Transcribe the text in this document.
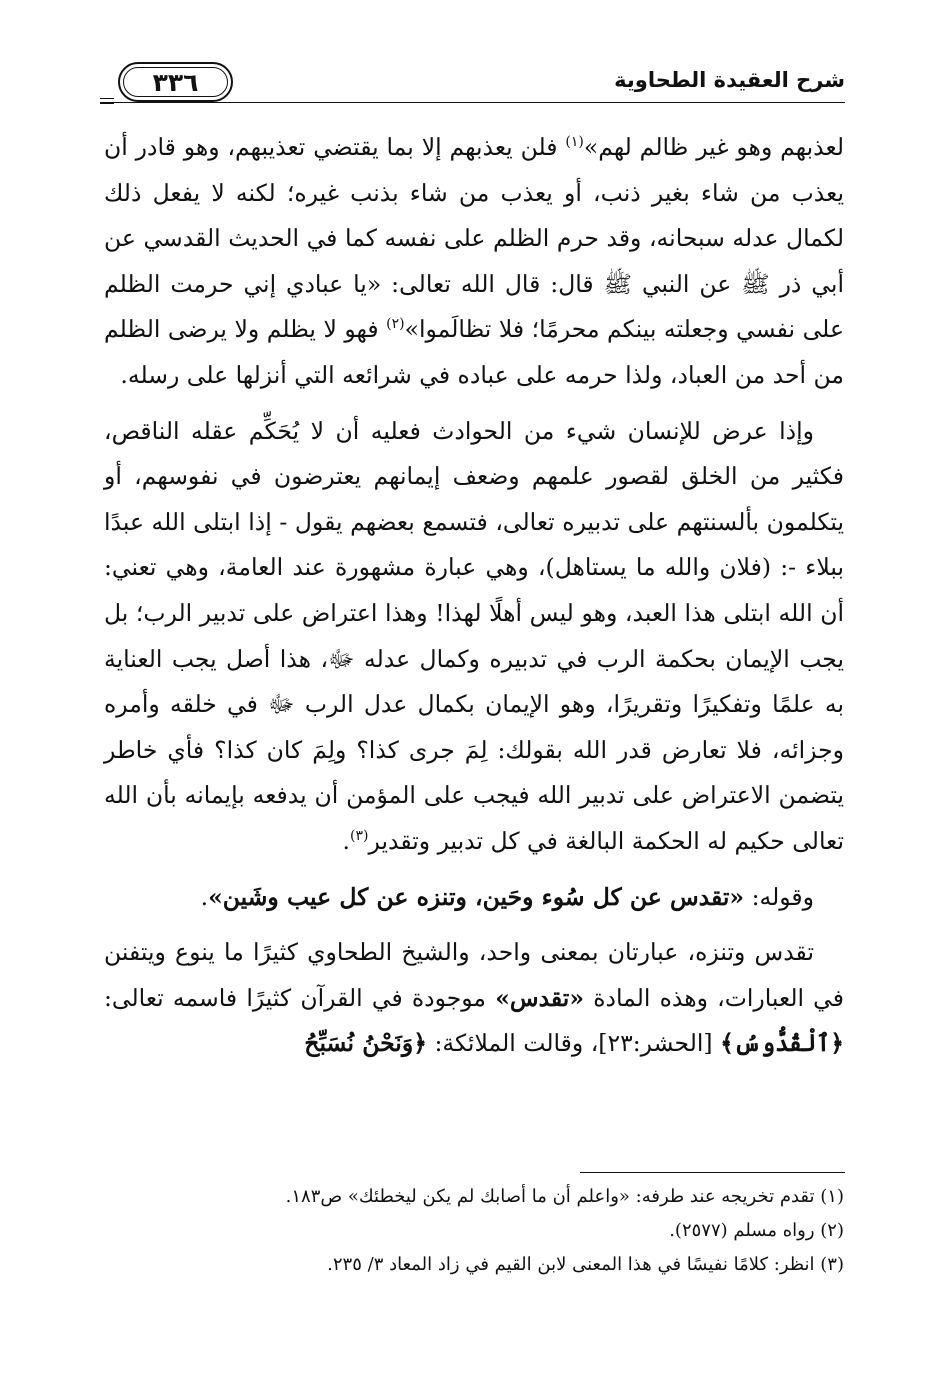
شرح العقيدة الطحاوية
٣٣٦

لعذبهم وهو غير ظالم لهم»$^{(١)}$ فلن يعذبهم إلا بما يقتضي تعذيبهم، وهو قادر أن يعذب من شاء بغير ذنب، أو يعذب من شاء بذنب غيره؛ لكنه لا يفعل ذلك لكمال عدله سبحانه، وقد حرم الظلم على نفسه كما في الحديث القدسي عن أبي ذر ﷺ عن النبي ﷺ قال: قال الله تعالى: «يا عبادي إني حرمت الظلم على نفسي وجعلته بينكم محرمًا؛ فلا تظالَموا»$^{(٢)}$ فهو لا يظلم ولا يرضى الظلم من أحد من العباد، ولذا حرمه على عباده في شرائعه التي أنزلها على رسله.

وإذا عرض للإنسان شيء من الحوادث فعليه أن لا يُحَكِّم عقله الناقص، فكثير من الخلق لقصور علمهم وضعف إيمانهم يعترضون في نفوسهم، أو يتكلمون بألسنتهم على تدبيره تعالى، فتسمع بعضهم يقول - إذا ابتلى الله عبدًا ببلاء -: (فلان والله ما يستاهل)، وهي عبارة مشهورة عند العامة، وهي تعني: أن الله ابتلى هذا العبد، وهو ليس أهلًا لهذا! وهذا اعتراض على تدبير الرب؛ بل يجب الإيمان بحكمة الرب في تدبيره وكمال عدله ﷻ، هذا أصل يجب العناية به علمًا وتفكيرًا وتقريرًا، وهو الإيمان بكمال عدل الرب ﷻ في خلقه وأمره وجزائه، فلا تعارض قدر الله بقولك: لِمَ جرى كذا؟ ولِمَ كان كذا؟ فأي خاطر يتضمن الاعتراض على تدبير الله فيجب على المؤمن أن يدفعه بإيمانه بأن الله تعالى حكيم له الحكمة البالغة في كل تدبير وتقدير$^{(٣)}$.

وقوله: «تقدس عن كل سُوء وحَين، وتنزه عن كل عيب وشَين».

تقدس وتنزه، عبارتان بمعنى واحد، والشيخ الطحاوي كثيرًا ما ينوع ويتفنن في العبارات، وهذه المادة «تقدس» موجودة في القرآن كثيرًا فاسمه تعالى: ﴿ٱلْقُدُّوسُ﴾ [الحشر:٢٣]، وقالت الملائكة: ﴿وَنَحْنُ نُسَبِّحُ

(١) تقدم تخريجه عند طرفه: «واعلم أن ما أصابك لم يكن ليخطئك» ص١٨٣.

(٢) رواه مسلم (٢٥٧٧).

(٣) انظر: كلامًا نفيسًا في هذا المعنى لابن القيم في زاد المعاد ٣/ ٢٣٥.
